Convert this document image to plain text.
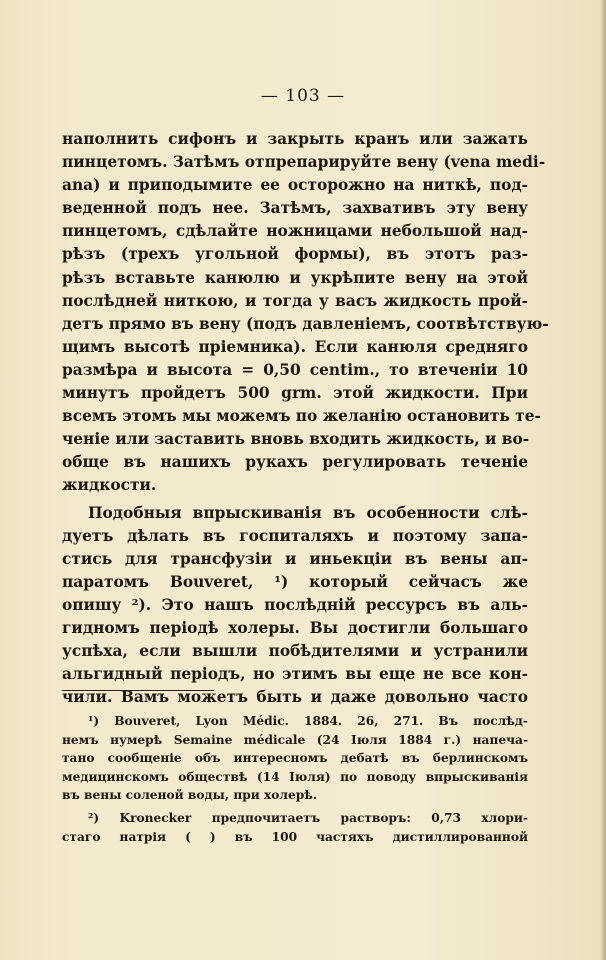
— 103 —
наполнить сифонъ и закрыть кранъ или зажать
пинцетомъ. Затѣмъ отпрепарируйте вену (vena medi-
ana) и приподымите ее осторожно на ниткѣ, под-
веденной подъ нее. Затѣмъ, захвативъ эту вену
пинцетомъ, сдѣлайте ножницами небольшой над-
рѣзъ (трехъ угольной формы), въ этотъ раз-
рѣзъ вставьте канюлю и укрѣпите вену на этой
послѣдней ниткою, и тогда у васъ жидкость прой-
детъ прямо въ вену (подъ давленіемъ, соотвѣтствую-
щимъ высотѣ пріемника). Если канюля средняго
размѣра и высота = 0,50 centim., то втеченіи 10
минутъ пройдетъ 500 grm. этой жидкости. При
всемъ этомъ мы можемъ по желанію остановить те-
ченіе или заставить вновь входить жидкость, и во-
обще въ нашихъ рукахъ регулировать теченіе
жидкости.
Подобныя впрыскиванія въ особенности слѣ-
дуетъ дѣлать въ госпиталяхъ и поэтому запа-
стись для трансфузіи и иньекціи въ вены ап-
паратомъ Bouveret, ¹) который сейчасъ же
опишу ²). Это нашъ послѣдній рессурсъ въ аль-
гидномъ періодѣ холеры. Вы достигли большаго
успѣха, если вышли побѣдителями и устранили
альгидный періодъ, но этимъ вы еще не все кон-
чили. Вамъ можетъ быть и даже довольно часто
¹) Bouveret, Lyon Médic. 1884. 26, 271. Въ послѣд-
немъ нумерѣ Semaine médicale (24 Іюля 1884 г.) напеча-
тано сообщеніе объ интересномъ дебатѣ въ берлинскомъ
медицинскомъ обществѣ (14 Іюля) по поводу впрыскиванія
въ вены соленой воды, при холерѣ.
²) Kronecker предпочитаетъ растворъ: 0,73 хлори-
стаго натрія ( ) въ 100 частяхъ дистиллированной
